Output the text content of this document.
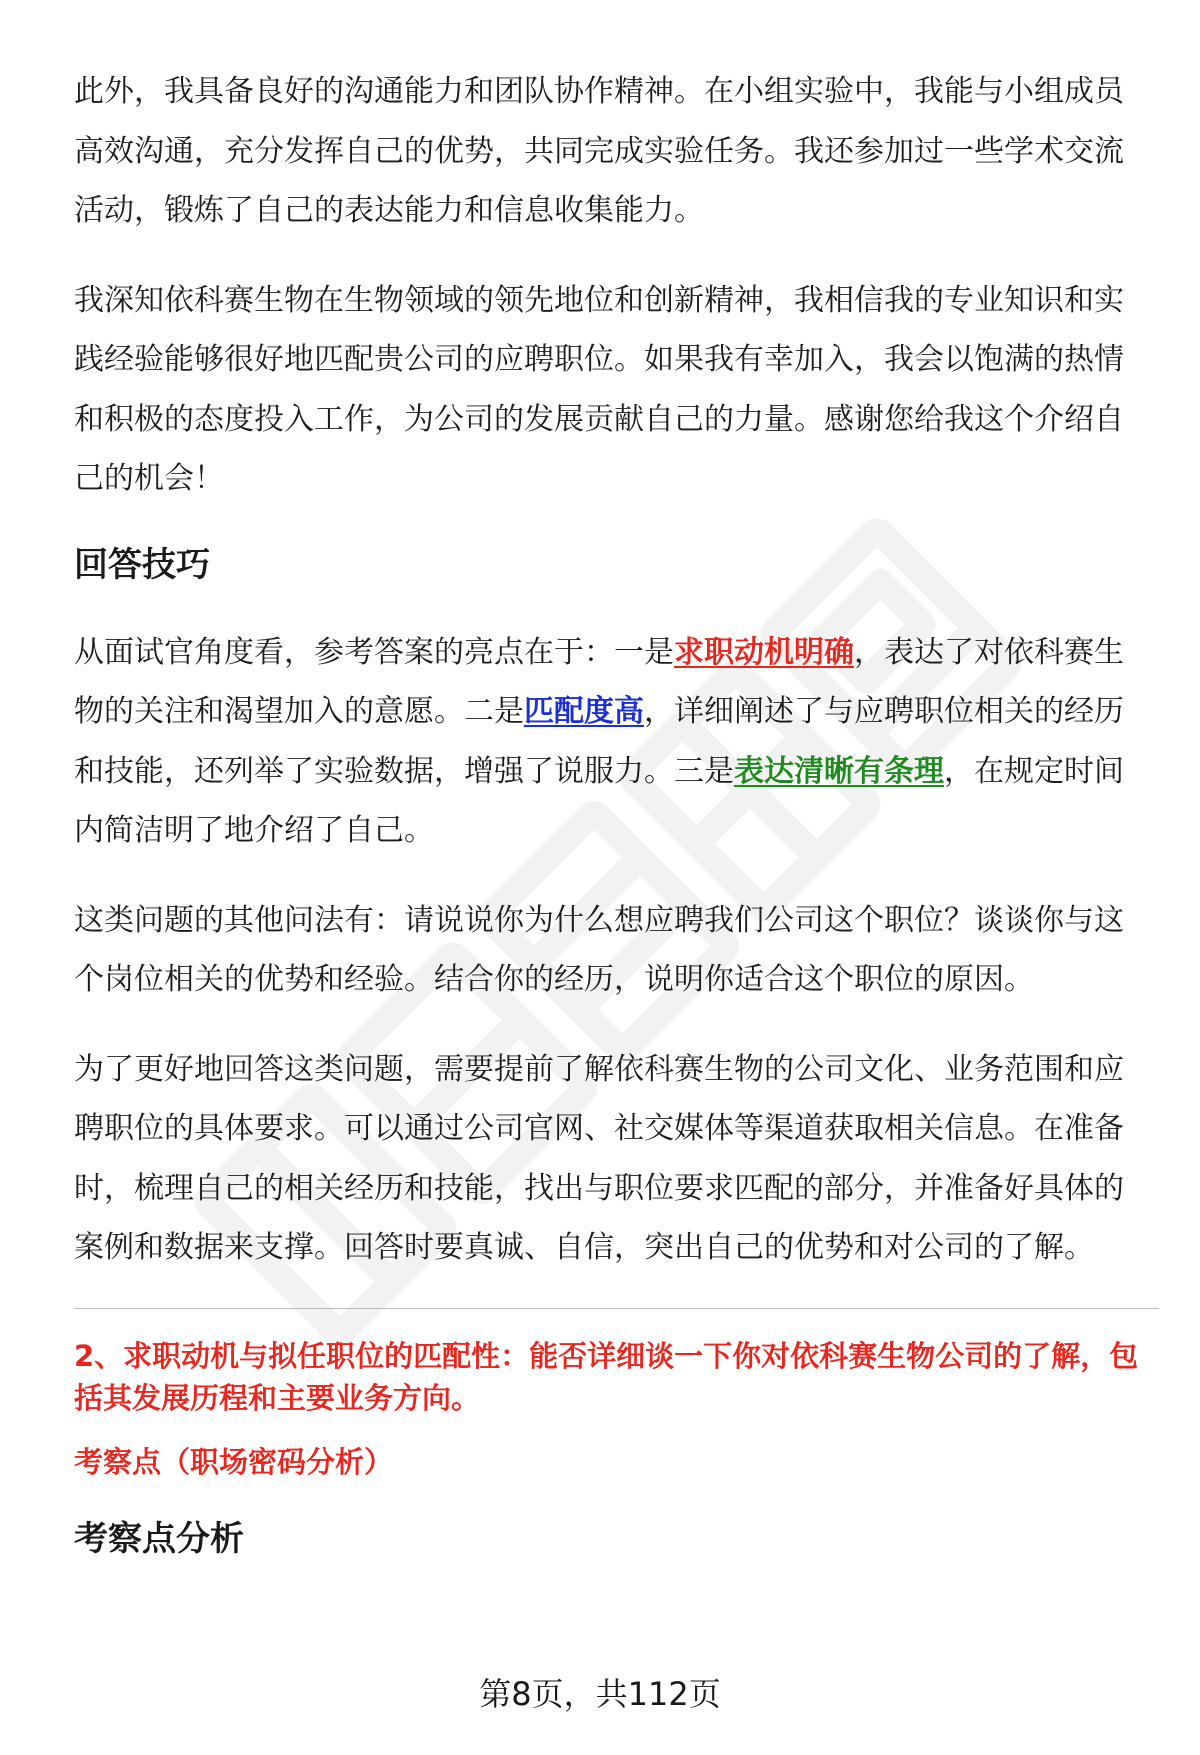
此外，我具备良好的沟通能力和团队协作精神。在小组实验中，我能与小组成员高效沟通，充分发挥自己的优势，共同完成实验任务。我还参加过一些学术交流活动，锻炼了自己的表达能力和信息收集能力。

我深知依科赛生物在生物领域的领先地位和创新精神，我相信我的专业知识和实践经验能够很好地匹配贵公司的应聘职位。如果我有幸加入，我会以饱满的热情和积极的态度投入工作，为公司的发展贡献自己的力量。感谢您给我这个介绍自己的机会！

回答技巧

从面试官角度看，参考答案的亮点在于：一是求职动机明确，表达了对依科赛生物的关注和渴望加入的意愿。二是匹配度高，详细阐述了与应聘职位相关的经历和技能，还列举了实验数据，增强了说服力。三是表达清晰有条理，在规定时间内简洁明了地介绍了自己。

这类问题的其他问法有：请说说你为什么想应聘我们公司这个职位？谈谈你与这个岗位相关的优势和经验。结合你的经历，说明你适合这个职位的原因。

为了更好地回答这类问题，需要提前了解依科赛生物的公司文化、业务范围和应聘职位的具体要求。可以通过公司官网、社交媒体等渠道获取相关信息。在准备时，梳理自己的相关经历和技能，找出与职位要求匹配的部分，并准备好具体的案例和数据来支撑。回答时要真诚、自信，突出自己的优势和对公司的了解。

2、求职动机与拟任职位的匹配性：能否详细谈一下你对依科赛生物公司的了解，包括其发展历程和主要业务方向。
考察点（职场密码分析）
考察点分析
第8页，共112页
